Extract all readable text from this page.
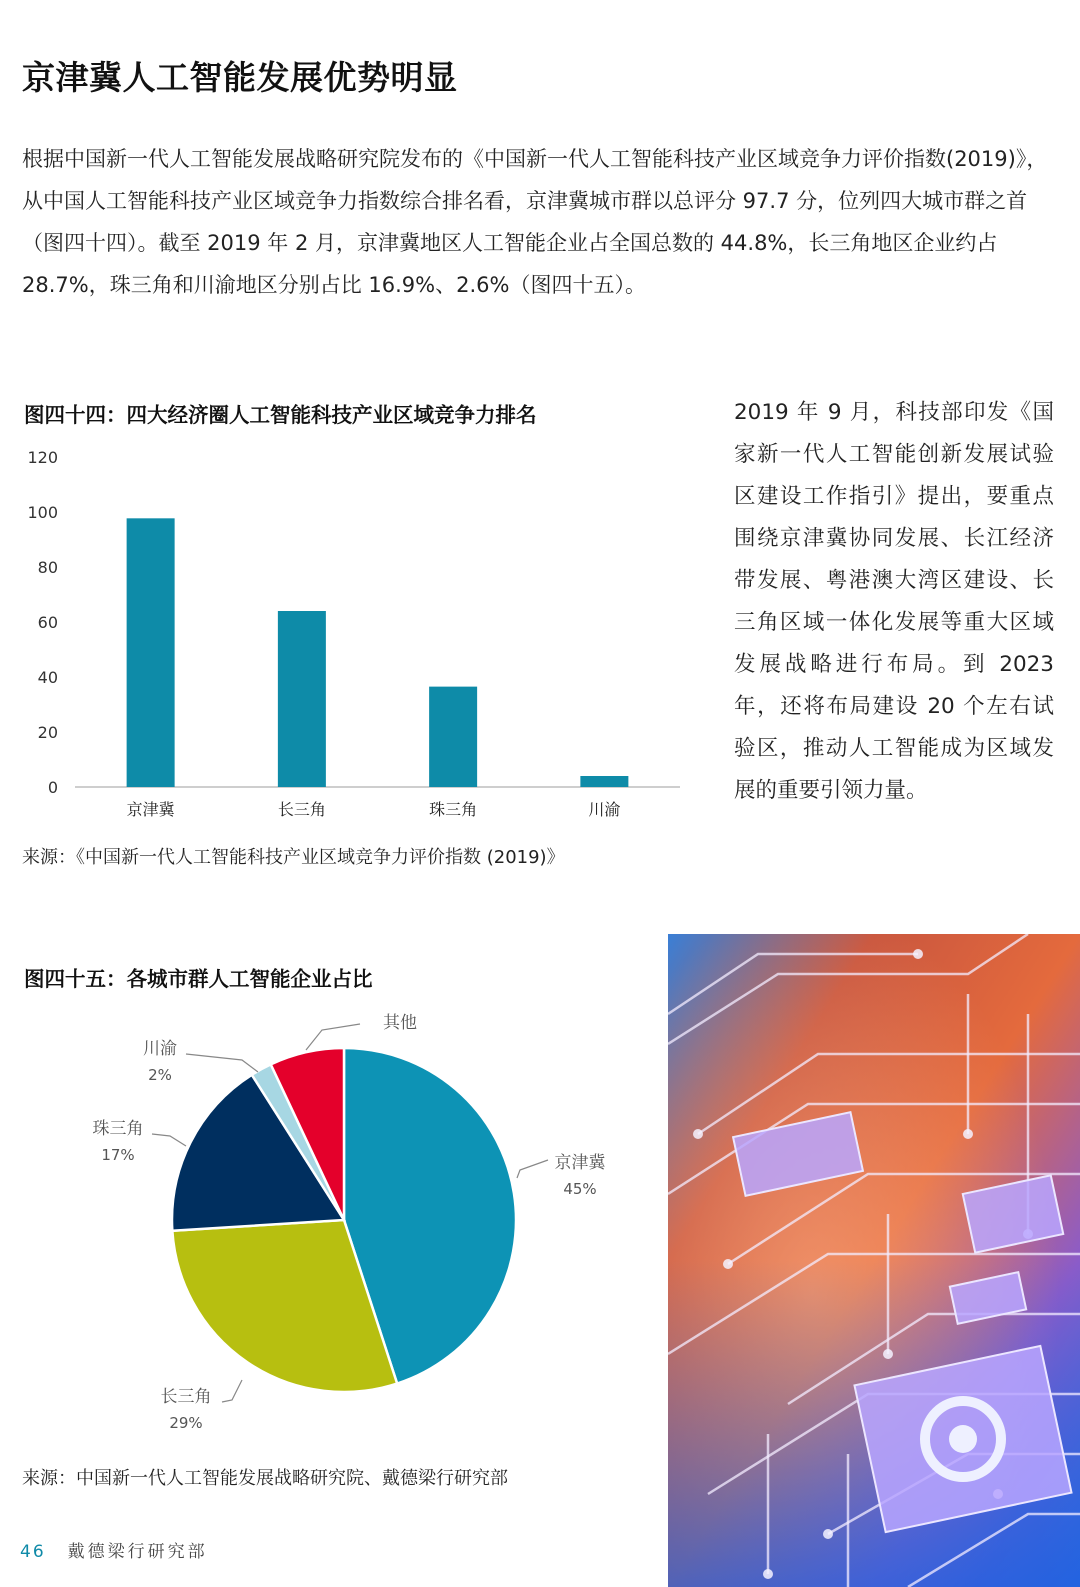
京津冀人工智能发展优势明显

根据中国新一代人工智能发展战略研究院发布的《中国新一代人工智能科技产业区域竞争力评价指数(2019)》，从中国人工智能科技产业区域竞争力指数综合排名看，京津冀城市群以总评分 97.7 分，位列四大城市群之首（图四十四）。截至 2019 年 2 月，京津冀地区人工智能企业占全国总数的 44.8%，长三角地区企业约占 28.7%，珠三角和川渝地区分别占比 16.9%、2.6%（图四十五）。

图四十四：四大经济圈人工智能科技产业区域竞争力排名

0
20
40
60
80
100
120
京津冀	长三角	珠三角	川渝

来源：《中国新一代人工智能科技产业区域竞争力评价指数 (2019)》

2019 年 9 月，科技部印发《国家新一代人工智能创新发展试验区建设工作指引》提出，要重点围绕京津冀协同发展、长江经济带发展、粤港澳大湾区建设、长三角区域一体化发展等重大区域发展战略进行布局。到 2023 年，还将布局建设 20 个左右试验区，推动人工智能成为区域发展的重要引领力量。

图四十五：各城市群人工智能企业占比

京津冀
45%
长三角
29%
珠三角
17%
川渝
2%
其他

来源：中国新一代人工智能发展战略研究院、戴德梁行研究部

46 戴德梁行研究部
